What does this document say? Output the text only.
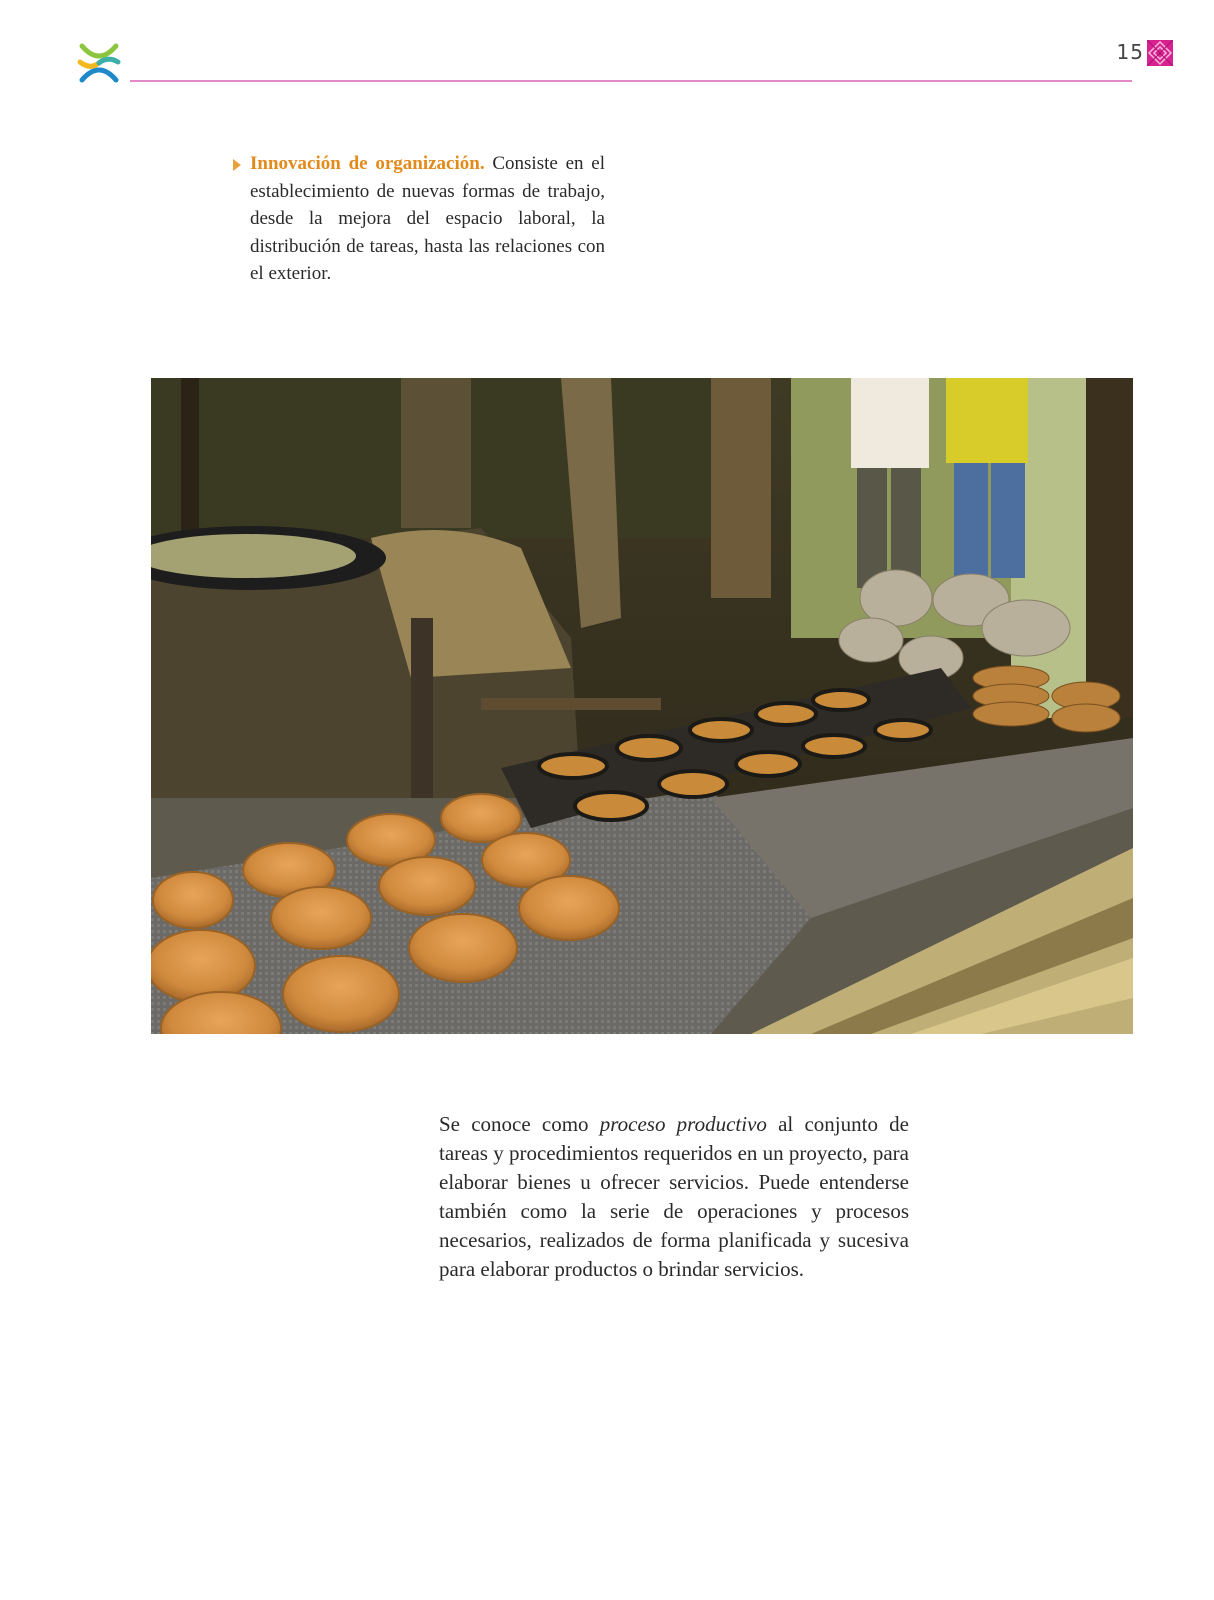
15
Innovación de organización. Consiste en el establecimiento de nuevas formas de trabajo, desde la mejora del espacio laboral, la distribución de tareas, hasta las relaciones con el exterior.
Se conoce como proceso productivo al conjunto de tareas y procedimientos requeridos en un proyecto, para elaborar bienes u ofrecer servicios. Puede entenderse también como la serie de operaciones y procesos necesarios, realizados de forma planificada y sucesiva para elaborar productos o brindar servicios.
